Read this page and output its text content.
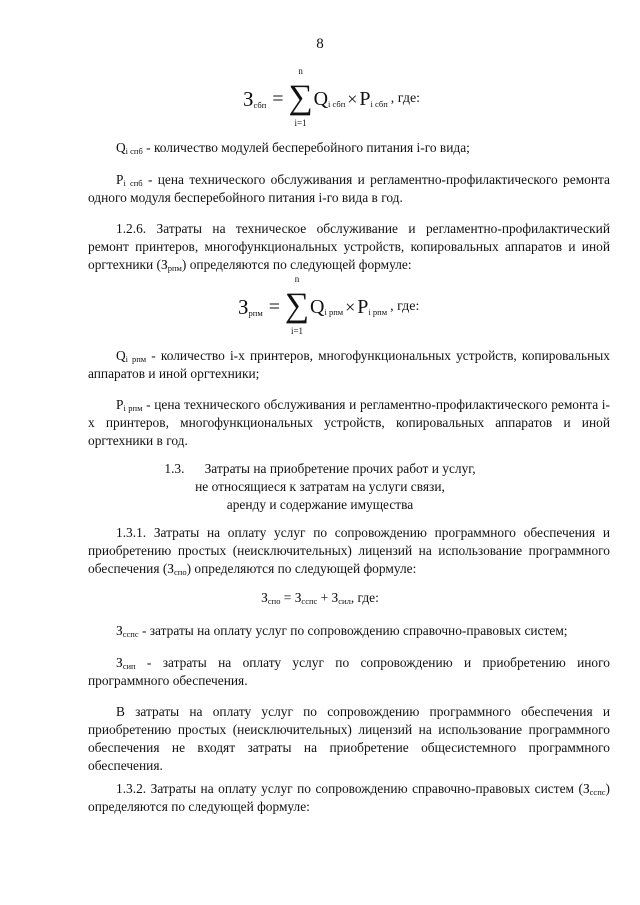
8
$З_{сбп}$ =
n
∑
i=1
$Q_{i сбп} \times P_{i сбп}$ , где:
$Q_{i спб}$ - количество модулей бесперебойного питания i-го вида;
$P_{i спб}$ - цена технического обслуживания и регламентно-профилактического ремонта одного модуля бесперебойного питания i-го вида в год.
1.2.6. Затраты на техническое обслуживание и регламентно-профилактический ремонт принтеров, многофункциональных устройств, копировальных аппаратов и иной оргтехники $(З_{рпм})$ определяются по следующей формуле:
$З_{рпм}$ =
n
∑
i=1
$Q_{i рпм} \times P_{i рпм}$ , где:
$Q_{i рпм}$ - количество i-х принтеров, многофункциональных устройств, копировальных аппаратов и иной оргтехники;
$P_{i рпм}$ - цена технического обслуживания и регламентно-профилактического ремонта i-х принтеров, многофункциональных устройств, копировальных аппаратов и иной оргтехники в год.
1.3.      Затраты на приобретение прочих работ и услуг,
не относящиеся к затратам на услуги связи,
аренду и содержание имущества
1.3.1. Затраты на оплату услуг по сопровождению программного обеспечения и приобретению простых (неисключительных) лицензий на использование программного обеспечения $(З_{спо})$ определяются по следующей формуле:
$З_{спо} = З_{сспс} + З_{сил}$, где:
$З_{сспс}$ - затраты на оплату услуг по сопровождению справочно-правовых систем;
$З_{сип}$ - затраты на оплату услуг по сопровождению и приобретению иного программного обеспечения.
В затраты на оплату услуг по сопровождению программного обеспечения и приобретению простых (неисключительных) лицензий на использование программного обеспечения не входят затраты на приобретение общесистемного программного обеспечения.
1.3.2. Затраты на оплату услуг по сопровождению справочно-правовых систем $(З_{сспс})$ определяются по следующей формуле:
